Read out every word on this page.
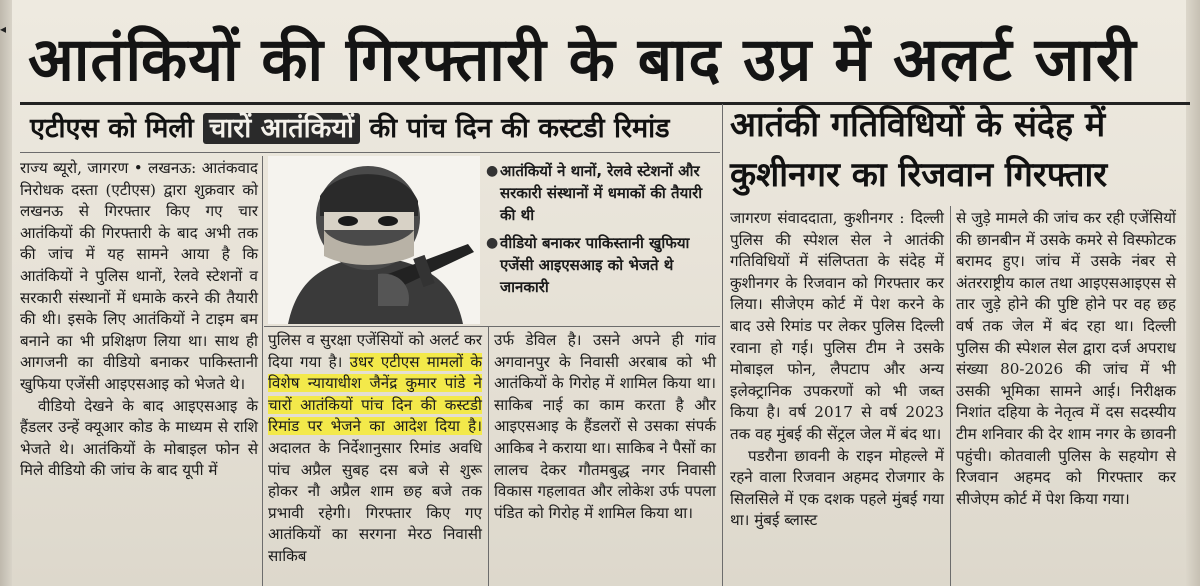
◂ आतंकियों की गिरफ्तारी के बाद उप्र में अलर्ट जारी
एटीएस को मिली चारों आतंकियों की पांच दिन की कस्टडी रिमांड	आतंकी गतिविधियों के संदेह में
कुशीनगर का रिजवान गिरफ्तार

राज्य ब्यूरो, जागरण • लखनऊ: आतंकवाद निरोधक दस्ता (एटीएस) द्वारा शुक्रवार को लखनऊ से गिरफ्तार किए गए चार आतंकियों की गिरफ्तारी के बाद अभी तक की जांच में यह सामने आया है कि आतंकियों ने पुलिस थानों, रेलवे स्टेशनों व सरकारी संस्थानों में धमाके करने की तैयारी की थी। इसके लिए आतंकियों ने टाइम बम बनाने का भी प्रशिक्षण लिया था। साथ ही आगजनी का वीडियो बनाकर पाकिस्तानी खुफिया एजेंसी आइएसआइ को भेजते थे।

वीडियो देखने के बाद आइएसआइ के हैंडलर उन्हें क्यूआर कोड के माध्यम से राशि भेजते थे। आतंकियों के मोबाइल फोन से मिले वीडियो की जांच के बाद यूपी में

● आतंकियों ने थानों, रेलवे स्टेशनों और सरकारी संस्थानों में धमाकों की तैयारी की थी
● वीडियो बनाकर पाकिस्तानी खुफिया एजेंसी आइएसआइ को भेजते थे जानकारी

पुलिस व सुरक्षा एजेंसियों को अलर्ट कर दिया गया है। उधर एटीएस मामलों के विशेष न्यायाधीश जैनेंद्र कुमार पांडे ने चारों आतंकियों पांच दिन की कस्टडी रिमांड पर भेजने का आदेश दिया है। अदालत के निर्देशानुसार रिमांड अवधि पांच अप्रैल सुबह दस बजे से शुरू होकर नौ अप्रैल शाम छह बजे तक प्रभावी रहेगी। गिरफ्तार किए गए आतंकियों का सरगना मेरठ निवासी साकिब

उर्फ डेविल है। उसने अपने ही गांव अगवानपुर के निवासी अरबाब को भी आतंकियों के गिरोह में शामिल किया था। साकिब नाई का काम करता है और आइएसआइ के हैंडलरों से उसका संपर्क आकिब ने कराया था। साकिब ने पैसों का लालच देकर गौतमबुद्ध नगर निवासी विकास गहलावत और लोकेश उर्फ पपला पंडित को गिरोह में शामिल किया था।

जागरण संवाददाता, कुशीनगर : दिल्ली पुलिस की स्पेशल सेल ने आतंकी गतिविधियों में संलिप्तता के संदेह में कुशीनगर के रिजवान को गिरफ्तार कर लिया। सीजेएम कोर्ट में पेश करने के बाद उसे रिमांड पर लेकर पुलिस दिल्ली रवाना हो गई। पुलिस टीम ने उसके मोबाइल फोन, लैपटाप और अन्य इलेक्ट्रानिक उपकरणों को भी जब्त किया है। वर्ष 2017 से वर्ष 2023 तक वह मुंबई की सेंट्रल जेल में बंद था।

पडरौना छावनी के राइन मोहल्ले में रहने वाला रिजवान अहमद रोजगार के सिलसिले में एक दशक पहले मुंबई गया था। मुंबई ब्लास्ट

से जुड़े मामले की जांच कर रही एजेंसियों की छानबीन में उसके कमरे से विस्फोटक बरामद हुए। जांच में उसके नंबर से अंतरराष्ट्रीय काल तथा आइएसआइएस से तार जुड़े होने की पुष्टि होने पर वह छह वर्ष तक जेल में बंद रहा था। दिल्ली पुलिस की स्पेशल सेल द्वारा दर्ज अपराध संख्या 80-2026 की जांच में भी उसकी भूमिका सामने आई। निरीक्षक निशांत दहिया के नेतृत्व में दस सदस्यीय टीम शनिवार की देर शाम नगर के छावनी पहुंची। कोतवाली पुलिस के सहयोग से रिजवान अहमद को गिरफ्तार कर सीजेएम कोर्ट में पेश किया गया।
